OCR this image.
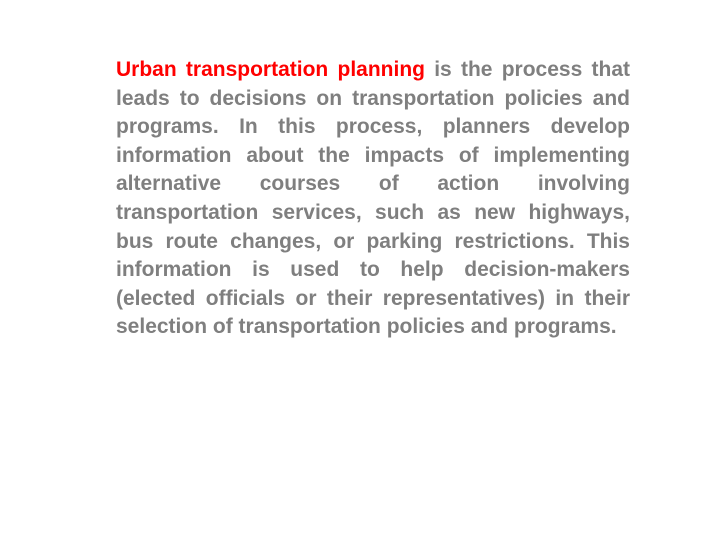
Urban transportation planning is the process that leads to decisions on transportation policies and programs. In this process, planners develop information about the impacts of implementing alternative courses of action involving transportation services, such as new highways, bus route changes, or parking restrictions. This information is used to help decision-makers (elected officials or their representatives) in their selection of transportation policies and programs.
